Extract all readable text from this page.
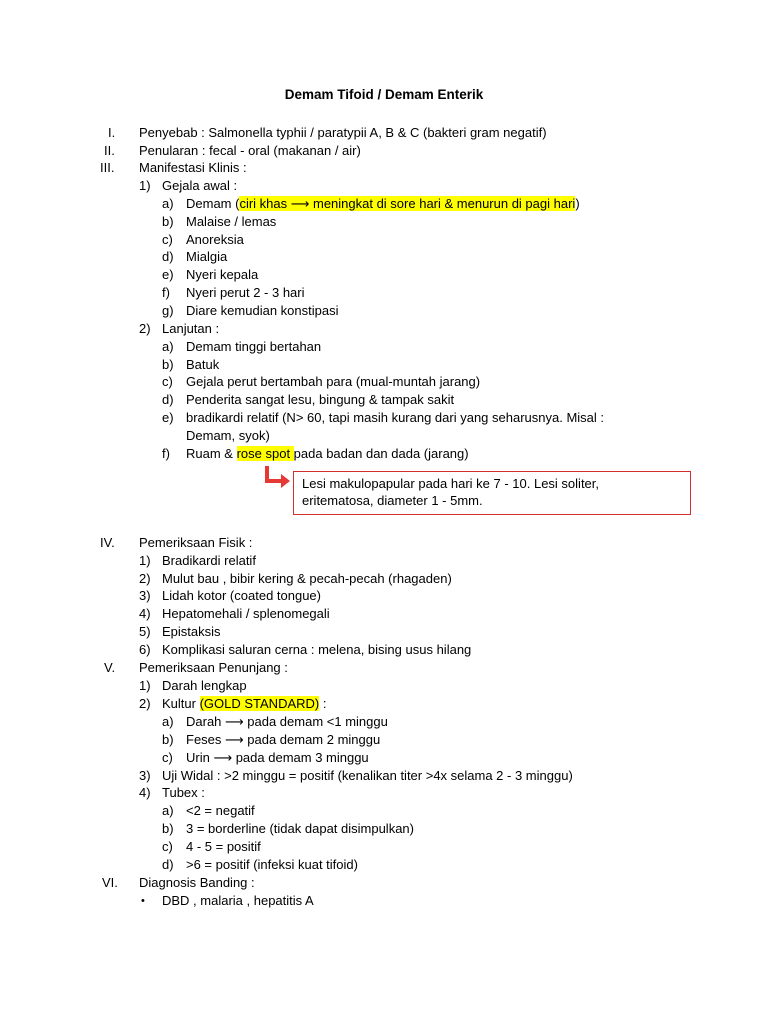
Demam Tifoid / Demam Enterik
I. Penyebab : Salmonella typhii / paratypii A, B & C (bakteri gram negatif)
II. Penularan : fecal - oral (makanan / air)
III. Manifestasi Klinis :
1) Gejala awal :
a) Demam (ciri khas ⟶ meningkat di sore hari & menurun di pagi hari)
b) Malaise / lemas
c) Anoreksia
d) Mialgia
e) Nyeri kepala
f) Nyeri perut 2 - 3 hari
g) Diare kemudian konstipasi
2) Lanjutan :
a) Demam tinggi bertahan
b) Batuk
c) Gejala perut bertambah para (mual-muntah jarang)
d) Penderita sangat lesu, bingung & tampak sakit
e) bradikardi relatif (N> 60, tapi masih kurang dari yang seharusnya. Misal :
Demam, syok)
f) Ruam & rose spot pada badan dan dada (jarang)
Lesi makulopapular pada hari ke 7 - 10. Lesi soliter,
eritematosa, diameter 1 - 5mm.
IV. Pemeriksaan Fisik :
1) Bradikardi relatif
2) Mulut bau , bibir kering & pecah-pecah (rhagaden)
3) Lidah kotor (coated tongue)
4) Hepatomehali / splenomegali
5) Epistaksis
6) Komplikasi saluran cerna : melena, bising usus hilang
V. Pemeriksaan Penunjang :
1) Darah lengkap
2) Kultur (GOLD STANDARD) :
a) Darah ⟶ pada demam <1 minggu
b) Feses ⟶ pada demam 2 minggu
c) Urin ⟶ pada demam 3 minggu
3) Uji Widal : >2 minggu = positif (kenalikan titer >4x selama 2 - 3 minggu)
4) Tubex :
a) <2 = negatif
b) 3 = borderline (tidak dapat disimpulkan)
c) 4 - 5 = positif
d) >6 = positif (infeksi kuat tifoid)
VI. Diagnosis Banding :
• DBD , malaria , hepatitis A
